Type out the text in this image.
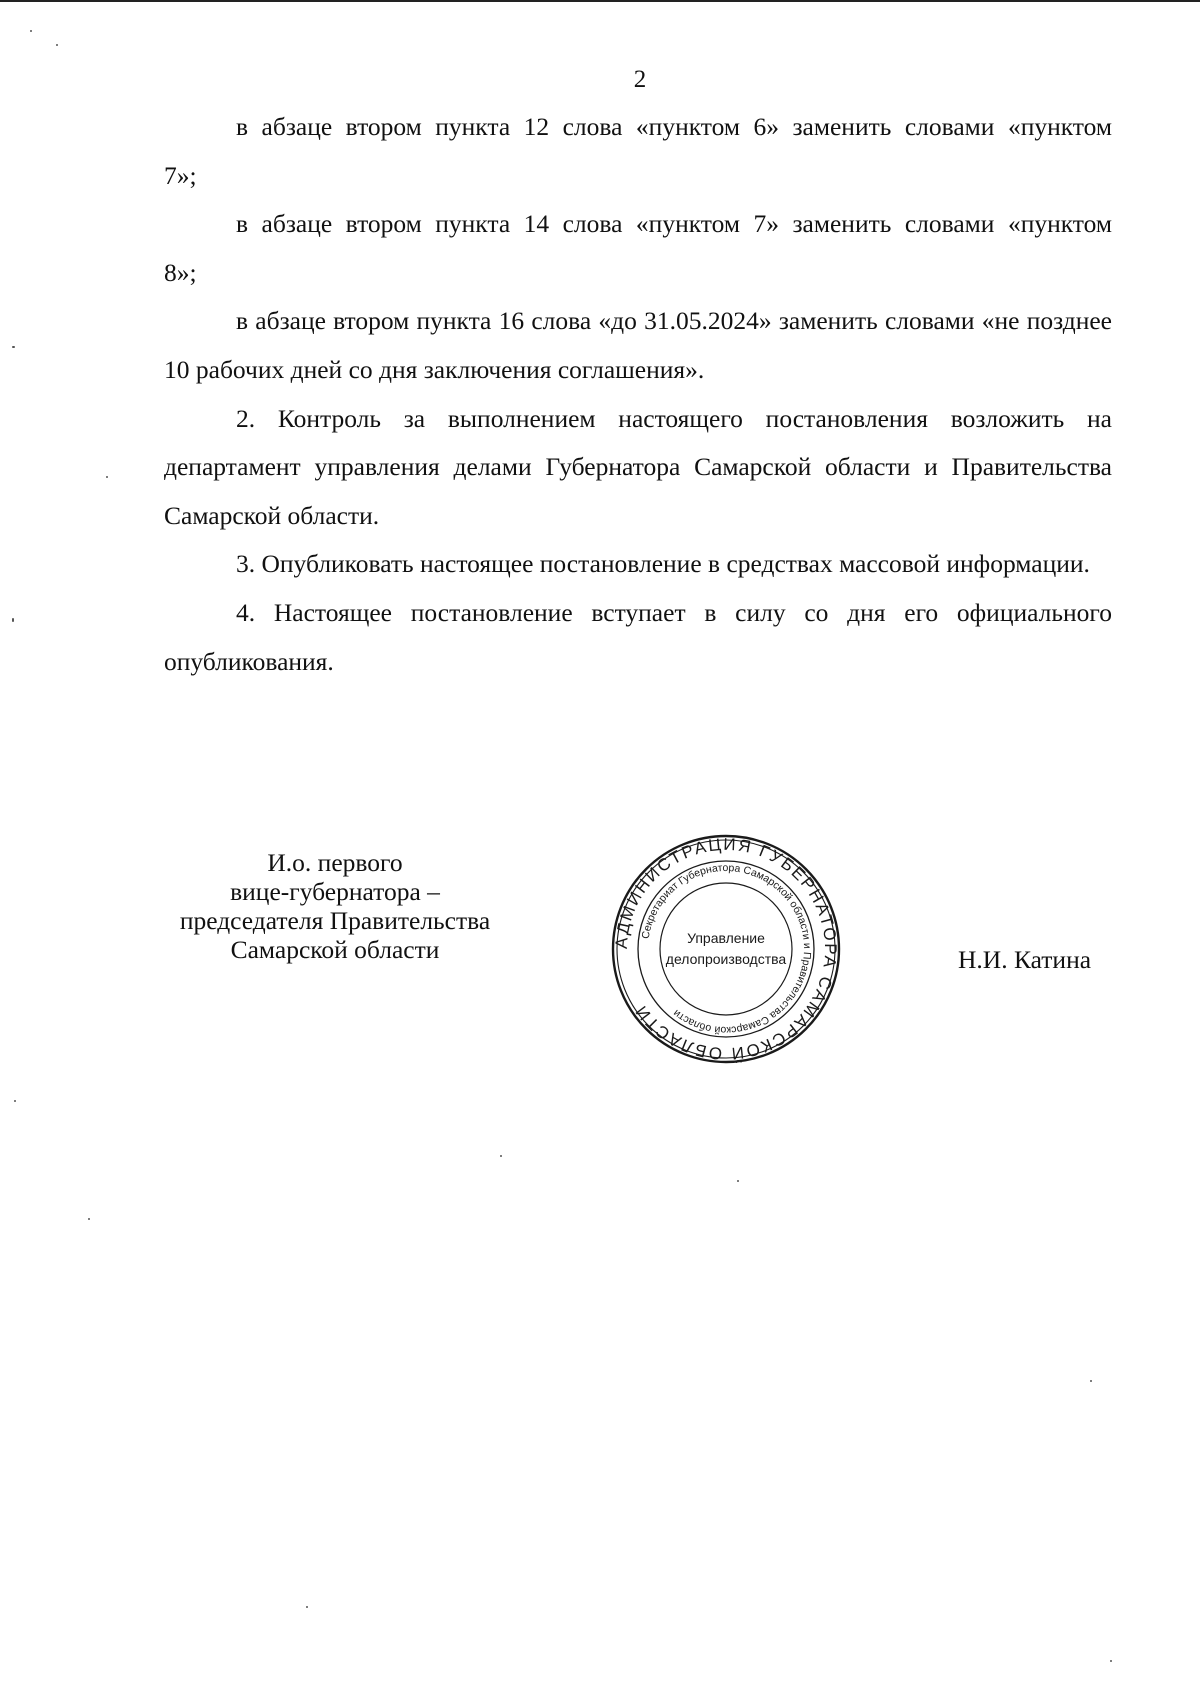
2

в абзаце втором пункта 12 слова «пунктом 6» заменить словами «пунктом 7»;

в абзаце втором пункта 14 слова «пунктом 7» заменить словами «пунктом 8»;

в абзаце втором пункта 16 слова «до 31.05.2024» заменить словами «не позднее 10 рабочих дней со дня заключения соглашения».

2. Контроль за выполнением настоящего постановления возложить на департамент управления делами Губернатора Самарской области и Правительства Самарской области.

3. Опубликовать настоящее постановление в средствах массовой информации.

4. Настоящее постановление вступает в силу со дня его официального опубликования.

И.о. первого
вице-губернатора –
председателя Правительства
Самарской области	АДМИНИСТРАЦИЯ ГУБЕРНАТОРА САМАРСКОЙ ОБЛАСТИ
Секретариат Губернатора Самарской области и Правительства Самарской области
Управление
делопроизводства	Н.И. Катина
